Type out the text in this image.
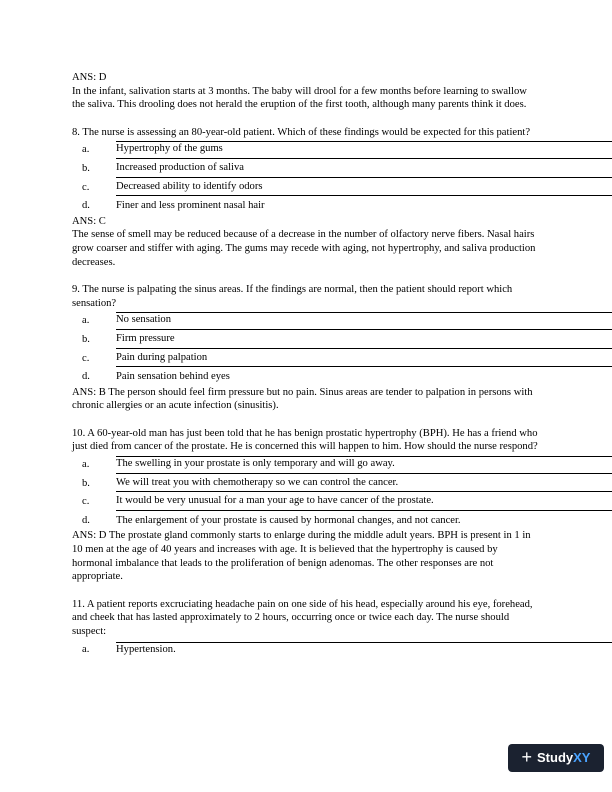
ANS: D

In the infant, salivation starts at 3 months. The baby will drool for a few months before learning to swallow the saliva. This drooling does not herald the eruption of the first tooth, although many parents think it does.

8. The nurse is assessing an 80-year-old patient. Which of these findings would be expected for this patient?

a.	Hypertrophy of the gums
b.	Increased production of saliva
c.	Decreased ability to identify odors
d.	Finer and less prominent nasal hair

ANS: C

The sense of smell may be reduced because of a decrease in the number of olfactory nerve fibers. Nasal hairs grow coarser and stiffer with aging. The gums may recede with aging, not hypertrophy, and saliva production decreases.

9. The nurse is palpating the sinus areas. If the findings are normal, then the patient should report which sensation?

a.	No sensation
b.	Firm pressure
c.	Pain during palpation
d.	Pain sensation behind eyes

ANS: B The person should feel firm pressure but no pain. Sinus areas are tender to palpation in persons with chronic allergies or an acute infection (sinusitis).

10. A 60-year-old man has just been told that he has benign prostatic hypertrophy (BPH). He has a friend who just died from cancer of the prostate. He is concerned this will happen to him. How should the nurse respond?

a.	The swelling in your prostate is only temporary and will go away.
b.	We will treat you with chemotherapy so we can control the cancer.
c.	It would be very unusual for a man your age to have cancer of the prostate.
d.	The enlargement of your prostate is caused by hormonal changes, and not cancer.

ANS: D The prostate gland commonly starts to enlarge during the middle adult years. BPH is present in 1 in 10 men at the age of 40 years and increases with age. It is believed that the hypertrophy is caused by hormonal imbalance that leads to the proliferation of benign adenomas. The other responses are not appropriate.

11. A patient reports excruciating headache pain on one side of his head, especially around his eye, forehead, and cheek that has lasted approximately to 2 hours, occurring once or twice each day. The nurse should suspect:

a.	Hypertension.
+ Study XY
